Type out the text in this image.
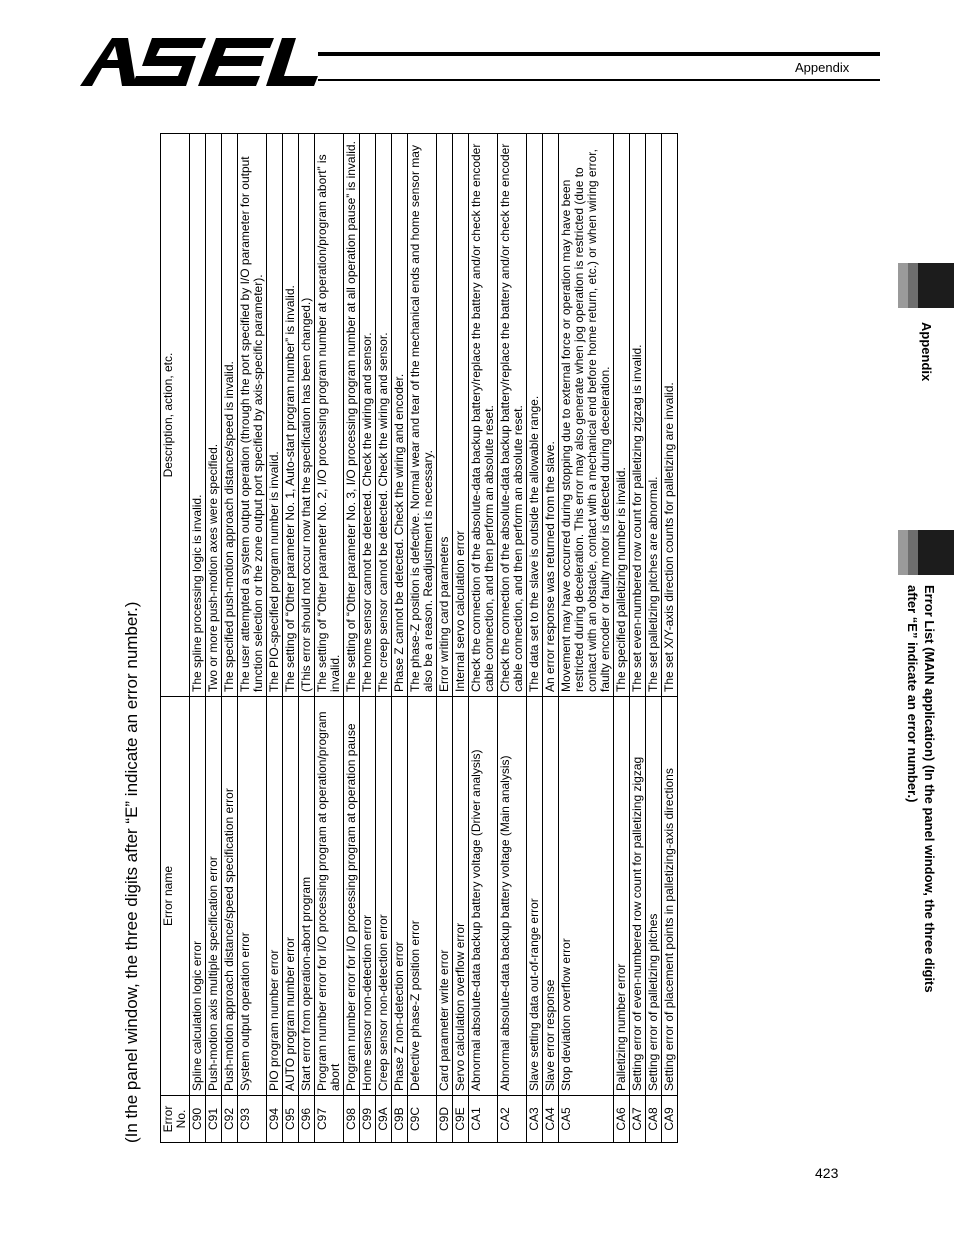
Appendix
Appendix
Error List (MAIN application) (In the panel window, the three digits after “E” indicate an error number.)
(In the panel window, the three digits after “E” indicate an error number.) Error No.	Error name	Description, action, etc.
C90	Spline calculation logic error	The spline processing logic is invalid.
C91	Push-motion axis multiple specification error	Two or more push-motion axes were specified.
C92	Push-motion approach distance/speed specification error	The specified push-motion approach distance/speed is invalid.
C93	System output operation error	The user attempted a system output operation (through the port specified by I/O parameter for output function selection or the zone output port specified by axis-specific parameter).
C94	PIO program number error	The PIO-specified program number is invalid.
C95	AUTO program number error	The setting of “Other parameter No. 1, Auto-start program number” is invalid.
C96	Start error from operation-abort program	(This error should not occur now that the specification has been changed.)
C97	Program number error for I/O processing program at operation/program abort	The setting of “Other parameter No. 2, I/O processing program number at operation/program abort” is invalid.
C98	Program number error for I/O processing program at operation pause	The setting of “Other parameter No. 3, I/O processing program number at all operation pause” is invalid.
C99	Home sensor non-detection error	The home sensor cannot be detected. Check the wiring and sensor.
C9A	Creep sensor non-detection error	The creep sensor cannot be detected. Check the wiring and sensor.
C9B	Phase Z non-detection error	Phase Z cannot be detected. Check the wiring and encoder.
C9C	Defective phase-Z position error	The phase-Z position is defective. Normal wear and tear of the mechanical ends and home sensor may also be a reason. Readjustment is necessary.
C9D	Card parameter write error	Error writing card parameters
C9E	Servo calculation overflow error	Internal servo calculation error
CA1	Abnormal absolute-data backup battery voltage (Driver analysis)	Check the connection of the absolute-data backup battery/replace the battery and/or check the encoder cable connection, and then perform an absolute reset.
CA2	Abnormal absolute-data backup battery voltage (Main analysis)	Check the connection of the absolute-data backup battery/replace the battery and/or check the encoder cable connection, and then perform an absolute reset.
CA3	Slave setting data out-of-range error	The data set to the slave is outside the allowable range.
CA4	Slave error response	An error response was returned from the slave.
CA5	Stop deviation overflow error	Movement may have occurred during stopping due to external force or operation may have been restricted during deceleration. This error may also generate when jog operation is restricted (due to contact with an obstacle, contact with a mechanical end before home return, etc.) or when wiring error, faulty encoder or faulty motor is detected during deceleration.
CA6	Palletizing number error	The specified palletizing number is invalid.
CA7	Setting error of even-numbered row count for palletizing zigzag	The set even-numbered row count for palletizing zigzag is invalid.
CA8	Setting error of palletizing pitches	The set palletizing pitches are abnormal.
CA9	Setting error of placement points in palletizing-axis directions	The set X/Y-axis direction counts for palletizing are invalid.
423
